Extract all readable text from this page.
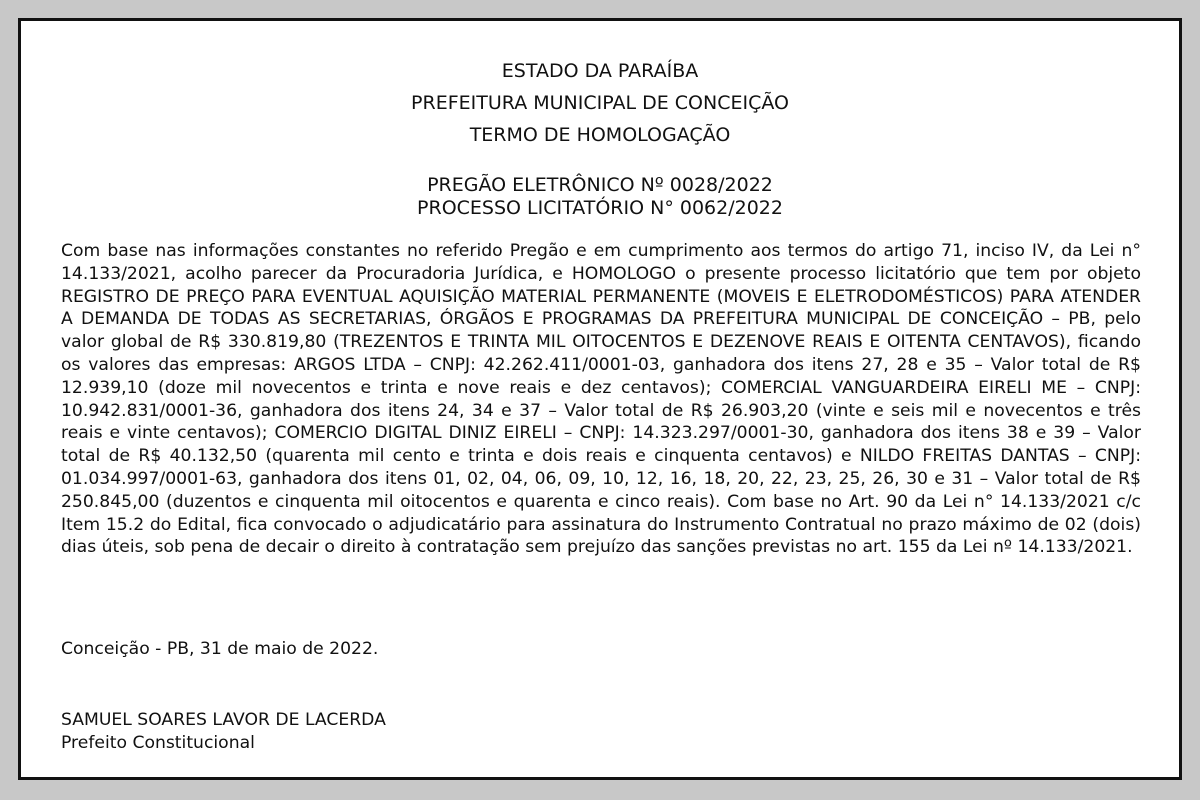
ESTADO DA PARAÍBA
PREFEITURA MUNICIPAL DE CONCEIÇÃO
TERMO DE HOMOLOGAÇÃO
PREGÃO ELETRÔNICO Nº 0028/2022
PROCESSO LICITATÓRIO N° 0062/2022

Com base nas informações constantes no referido Pregão e em cumprimento aos termos do artigo 71, inciso IV, da Lei n° 14.133/2021, acolho parecer da Procuradoria Jurídica, e HOMOLOGO o presente processo licitatório que tem por objeto REGISTRO DE PREÇO PARA EVENTUAL AQUISIÇÃO MATERIAL PERMANENTE (MOVEIS E ELETRODOMÉSTICOS) PARA ATENDER A DEMANDA DE TODAS AS SECRETARIAS, ÓRGÃOS E PROGRAMAS DA PREFEITURA MUNICIPAL DE CONCEIÇÃO – PB, pelo valor global de R$ 330.819,80 (TREZENTOS E TRINTA MIL OITOCENTOS E DEZENOVE REAIS E OITENTA CENTAVOS), ficando os valores das empresas: ARGOS LTDA – CNPJ: 42.262.411/0001-03, ganhadora dos itens 27, 28 e 35 – Valor total de R$ 12.939,10 (doze mil novecentos e trinta e nove reais e dez centavos); COMERCIAL VANGUARDEIRA EIRELI ME – CNPJ: 10.942.831/0001-36, ganhadora dos itens 24, 34 e 37 – Valor total de R$ 26.903,20 (vinte e seis mil e novecentos e três reais e vinte centavos); COMERCIO DIGITAL DINIZ EIRELI – CNPJ: 14.323.297/0001-30, ganhadora dos itens 38 e 39 – Valor total de R$ 40.132,50 (quarenta mil cento e trinta e dois reais e cinquenta centavos) e NILDO FREITAS DANTAS – CNPJ: 01.034.997/0001-63, ganhadora dos itens 01, 02, 04, 06, 09, 10, 12, 16, 18, 20, 22, 23, 25, 26, 30 e 31 – Valor total de R$ 250.845,00 (duzentos e cinquenta mil oitocentos e quarenta e cinco reais). Com base no Art. 90 da Lei n° 14.133/2021 c/c Item 15.2 do Edital, fica convocado o adjudicatário para assinatura do Instrumento Contratual no prazo máximo de 02 (dois) dias úteis, sob pena de decair o direito à contratação sem prejuízo das sanções previstas no art. 155 da Lei nº 14.133/2021.

Conceição - PB, 31 de maio de 2022.
SAMUEL SOARES LAVOR DE LACERDA
Prefeito Constitucional
